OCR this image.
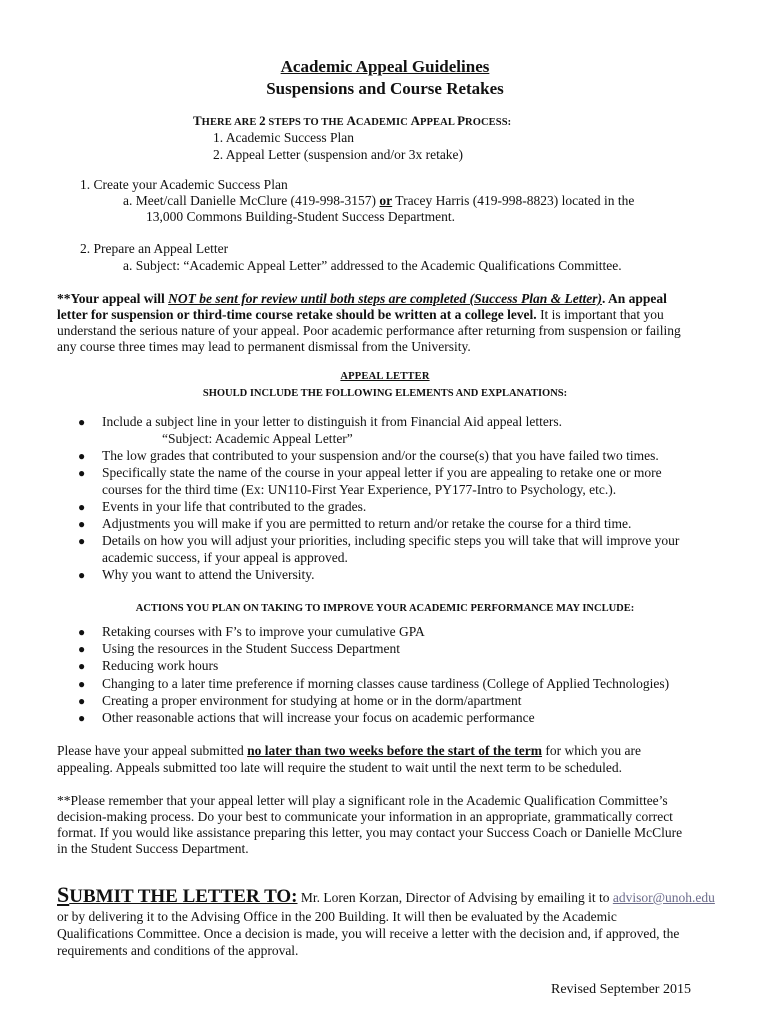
Academic Appeal Guidelines
Suspensions and Course Retakes
THERE ARE 2 STEPS TO THE ACADEMIC APPEAL PROCESS:
1. Academic Success Plan
2. Appeal Letter (suspension and/or 3x retake)
1. Create your Academic Success Plan
a. Meet/call Danielle McClure (419-998-3157) or Tracey Harris (419-998-8823) located in the
13,000 Commons Building-Student Success Department.
2. Prepare an Appeal Letter
a. Subject: “Academic Appeal Letter” addressed to the Academic Qualifications Committee.
**Your appeal will NOT be sent for review until both steps are completed (Success Plan & Letter). An appeal
letter for suspension or third-time course retake should be written at a college level. It is important that you
understand the serious nature of your appeal. Poor academic performance after returning from suspension or failing
any course three times may lead to permanent dismissal from the University.
APPEAL LETTER
SHOULD INCLUDE THE FOLLOWING ELEMENTS AND EXPLANATIONS:
● Include a subject line in your letter to distinguish it from Financial Aid appeal letters.
“Subject: Academic Appeal Letter”
● The low grades that contributed to your suspension and/or the course(s) that you have failed two times.
● Specifically state the name of the course in your appeal letter if you are appealing to retake one or more
courses for the third time (Ex: UN110-First Year Experience, PY177-Intro to Psychology, etc.).
● Events in your life that contributed to the grades.
● Adjustments you will make if you are permitted to return and/or retake the course for a third time.
● Details on how you will adjust your priorities, including specific steps you will take that will improve your
academic success, if your appeal is approved.
● Why you want to attend the University.
ACTIONS YOU PLAN ON TAKING TO IMPROVE YOUR ACADEMIC PERFORMANCE MAY INCLUDE:
● Retaking courses with F’s to improve your cumulative GPA
● Using the resources in the Student Success Department
● Reducing work hours
● Changing to a later time preference if morning classes cause tardiness (College of Applied Technologies)
● Creating a proper environment for studying at home or in the dorm/apartment
● Other reasonable actions that will increase your focus on academic performance
Please have your appeal submitted no later than two weeks before the start of the term for which you are
appealing. Appeals submitted too late will require the student to wait until the next term to be scheduled.
**Please remember that your appeal letter will play a significant role in the Academic Qualification Committee’s
decision-making process. Do your best to communicate your information in an appropriate, grammatically correct
format. If you would like assistance preparing this letter, you may contact your Success Coach or Danielle McClure
in the Student Success Department.
SUBMIT THE LETTER TO: Mr. Loren Korzan, Director of Advising by emailing it to advisor@unoh.edu
or by delivering it to the Advising Office in the 200 Building. It will then be evaluated by the Academic
Qualifications Committee. Once a decision is made, you will receive a letter with the decision and, if approved, the
requirements and conditions of the approval.
Revised September 2015
